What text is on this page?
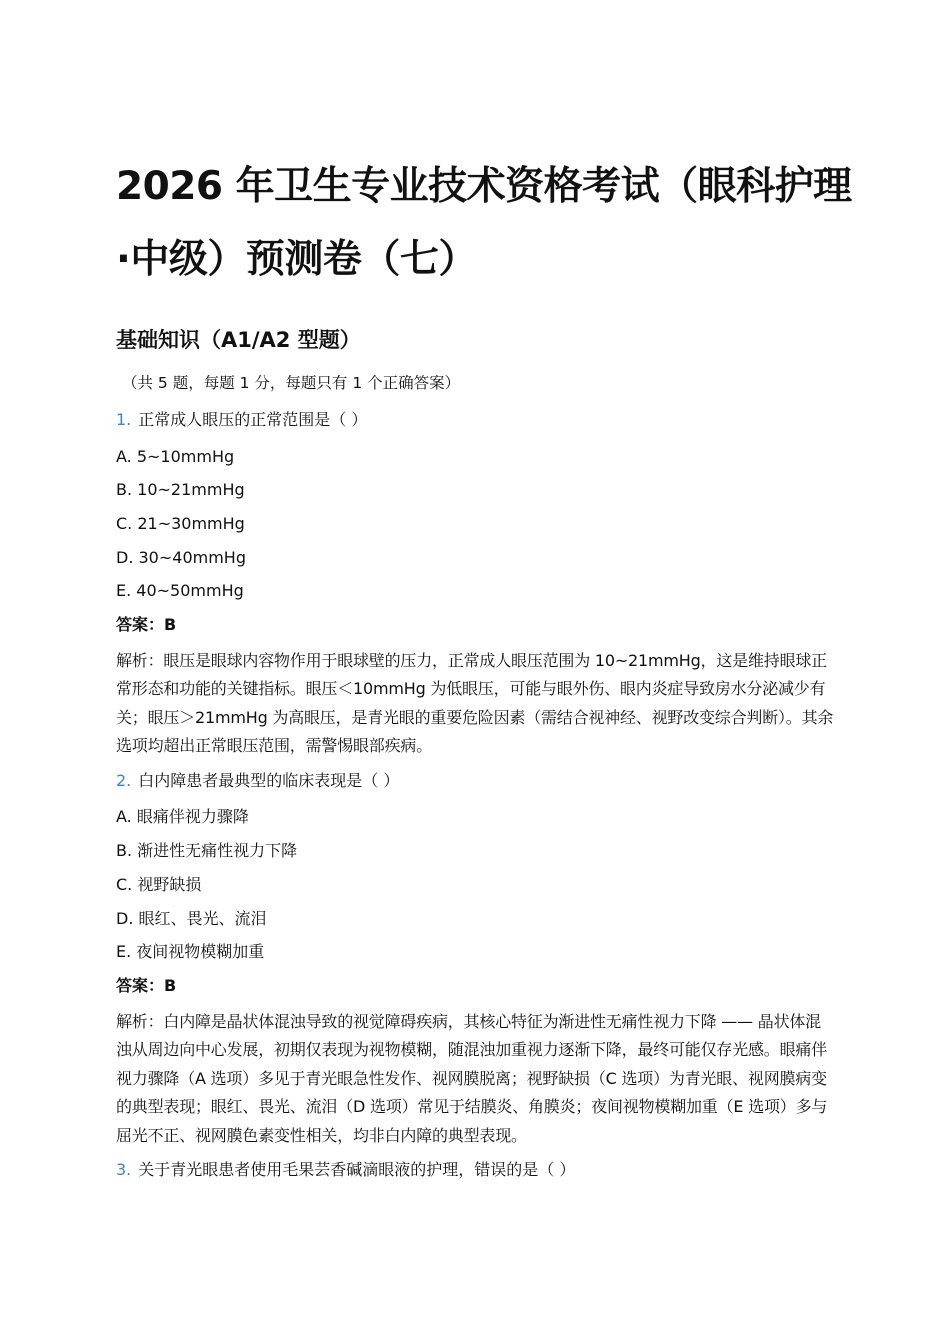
2026 年卫生专业技术资格考试（眼科护理·中级）预测卷（七）
基础知识（A1/A2 型题）

（共 5 题，每题 1 分，每题只有 1 个正确答案）

1. 正常成人眼压的正常范围是（ ）

A. 5~10mmHg

B. 10~21mmHg

C. 21~30mmHg

D. 30~40mmHg

E. 40~50mmHg

答案：B

解析：眼压是眼球内容物作用于眼球壁的压力，正常成人眼压范围为 10~21mmHg，这是维持眼球正常形态和功能的关键指标。眼压＜10mmHg 为低眼压，可能与眼外伤、眼内炎症导致房水分泌减少有关；眼压＞21mmHg 为高眼压，是青光眼的重要危险因素（需结合视神经、视野改变综合判断）。其余选项均超出正常眼压范围，需警惕眼部疾病。

2. 白内障患者最典型的临床表现是（ ）

A. 眼痛伴视力骤降

B. 渐进性无痛性视力下降

C. 视野缺损

D. 眼红、畏光、流泪

E. 夜间视物模糊加重

答案：B

解析：白内障是晶状体混浊导致的视觉障碍疾病，其核心特征为渐进性无痛性视力下降 —— 晶状体混浊从周边向中心发展，初期仅表现为视物模糊，随混浊加重视力逐渐下降，最终可能仅存光感。眼痛伴视力骤降（A 选项）多见于青光眼急性发作、视网膜脱离；视野缺损（C 选项）为青光眼、视网膜病变的典型表现；眼红、畏光、流泪（D 选项）常见于结膜炎、角膜炎；夜间视物模糊加重（E 选项）多与屈光不正、视网膜色素变性相关，均非白内障的典型表现。

3. 关于青光眼患者使用毛果芸香碱滴眼液的护理，错误的是（ ）
